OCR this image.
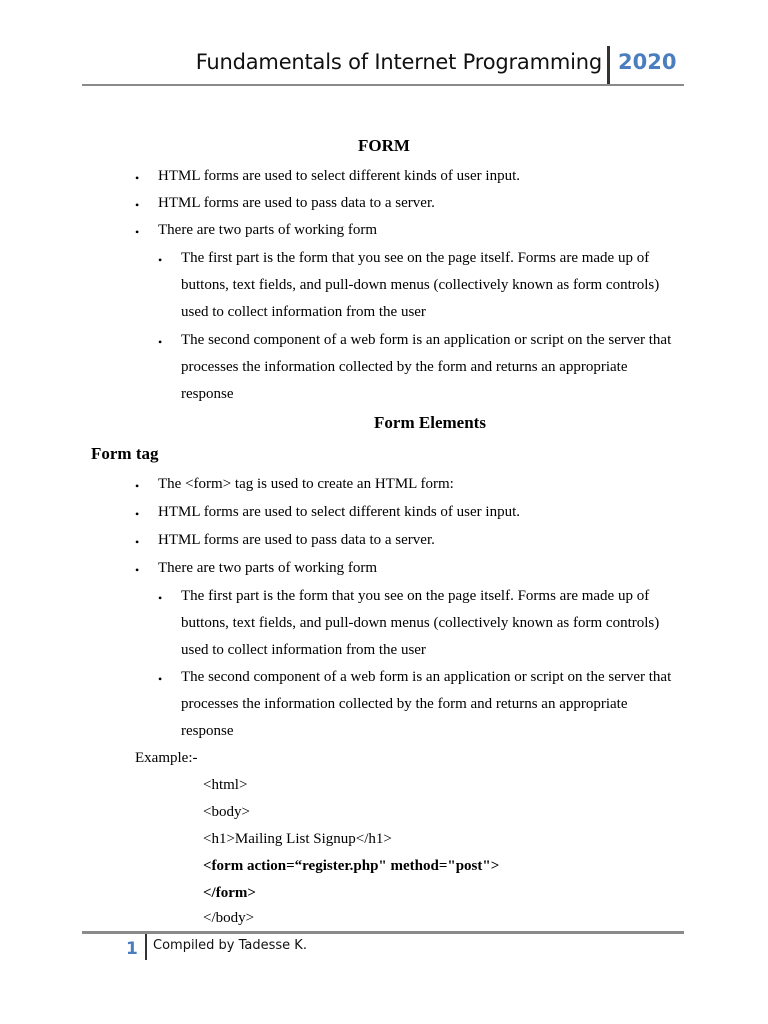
Fundamentals of Internet Programming 2020
FORM
• HTML forms are used to select different kinds of user input.
• HTML forms are used to pass data to a server.
• There are two parts of working form
• The first part is the form that you see on the page itself. Forms are made up of
buttons, text fields, and pull-down menus (collectively known as form controls)
used to collect information from the user
• The second component of a web form is an application or script on the server that
processes the information collected by the form and returns an appropriate
response
Form Elements
Form tag
• The <form> tag is used to create an HTML form:
• HTML forms are used to select different kinds of user input.
• HTML forms are used to pass data to a server.
• There are two parts of working form
• The first part is the form that you see on the page itself. Forms are made up of
buttons, text fields, and pull-down menus (collectively known as form controls)
used to collect information from the user
• The second component of a web form is an application or script on the server that
processes the information collected by the form and returns an appropriate
response
Example:-
<html>
<body>
<h1>Mailing List Signup</h1>
<form action=“register.php" method="post">
</form>
</body>
1 Compiled by Tadesse K.
